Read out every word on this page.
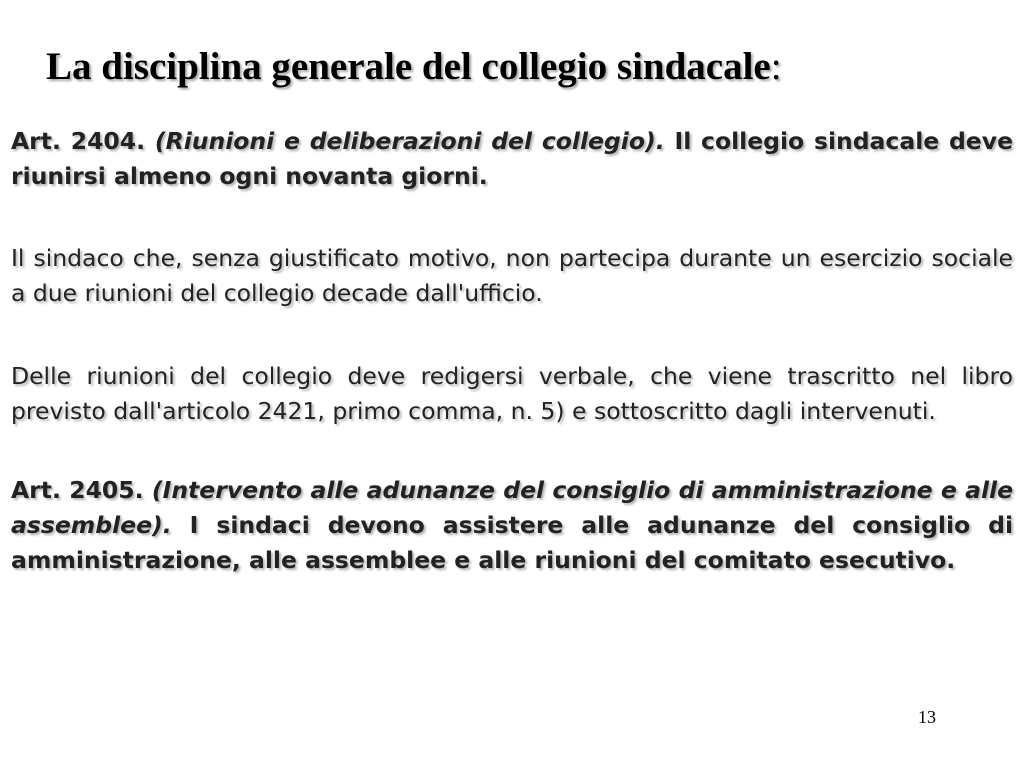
La disciplina generale del collegio sindacale:

Art. 2404. (Riunioni e deliberazioni del collegio). Il collegio sindacale deve riunirsi almeno ogni novanta giorni.

Il sindaco che, senza giustificato motivo, non partecipa durante un esercizio sociale a due riunioni del collegio decade dall'ufficio.

Delle riunioni del collegio deve redigersi verbale, che viene trascritto nel libro previsto dall'articolo 2421, primo comma, n. 5) e sottoscritto dagli intervenuti.

Art. 2405. (Intervento alle adunanze del consiglio di amministrazione e alle assemblee). I sindaci devono assistere alle adunanze del consiglio di amministrazione, alle assemblee e alle riunioni del comitato esecutivo.

13
